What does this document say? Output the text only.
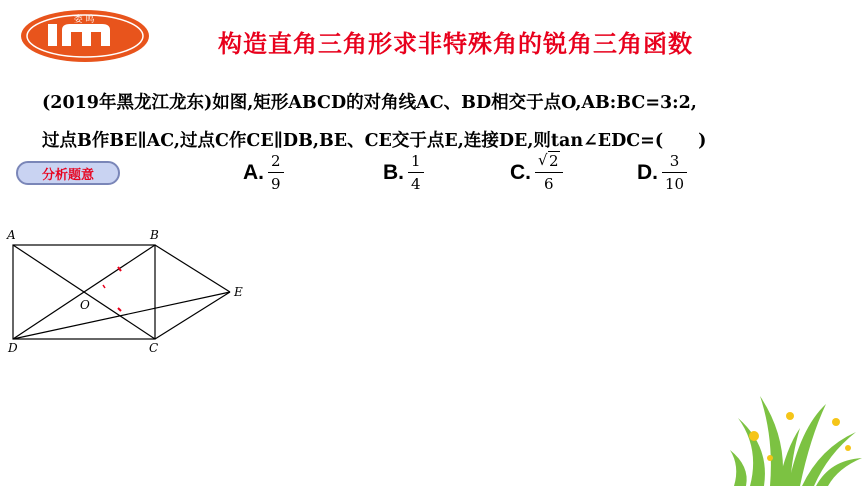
娄 鸣
构造直角三角形求非特殊角的锐角三角函数
(2019年黑龙江龙东)如图,矩形ABCD的对角线AC、BD相交于点O,AB:BC=3:2,
过点B作BE∥AC,过点C作CE∥DB,BE、CE交于点E,连接DE,则tan∠EDC=(　　)
分析题意	A. $\frac{2}{9}$	B. $\frac{1}{4}$	C. $\frac{√ 2}{6}$	D. $\frac{3}{10}$
A	B
C
D
E
O
